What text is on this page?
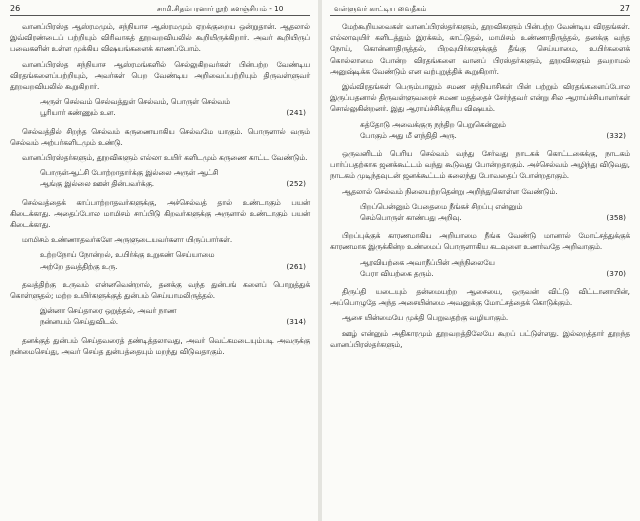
26	சாமி.சிதம்பரனார் நூற் களஞ்சியம் - 10

வானப்பிரஸ்த ஆஸ்ரமமும், சந்நியாச ஆஸ்ரமமும் ஏறக்குறைய ஒன்றுதான். ஆதலால் இவ்விரண்டைப் பற்றியும் விரிவாகத் தூறவறவியலில் கூறியிருக்கிறார். அவர் கூறியிருப் பவைகளின் உள்ள முக்கிய விஷயங்களைக் காணப்போம்.

வானப்பிரஸ்த சந்நியாச ஆஸ்ரமங்களில் செல்லுகிறவர்கள் பின்பற்ற வேண்டிய விரதங்களைப்பற்றியும், அவர்கள் பெற வேண்டிய அறிவைப்பற்றியும் திருவள்ளுவர் தூறவறவியலில் கூறுகிறார்.

அருள் செல்வம் செல்வத்துள் செல்வம், பொருள் செல்வம்
பூரியார் கண்ணும் உள.	(241)

செல்வத்தில் சிறந்த செல்வம் கருணையாகிய செல்வமே யாகும். பொருளால் வரும் செல்வம் அற்பர்களிடமும் உண்டு.

வானப்பிரஸ்தர்களும், தூறவிகளும் எல்லா உயிர் களிடமும் கருணை காட்ட வேண்டும்.

பொருள்ஆட்சி போற்றாதார்க்கு இல்லை அருள் ஆட்சி
ஆங்கு இல்லை ஊன் தின்பவர்க்கு.	(252)

செல்வத்தைக் காப்பாற்றாதவர்களுக்கு, அச்செல்வத் தால் உண்டாகும் பயன் கிடைக்காது. அதைப்போல மாமிசம் சாப்பிடு கிறவர்களுக்கு அருளால் உண்டாகும் பயன் கிடைக்காது.

மாமிசம் உண்ணாதவர்களே அருளுடையவர்களா யிருப்பார்கள்.

உற்றநோய் நோன்றல், உயிர்க்கு உறுகண் செய்யாமை
அற்றே தவத்திற்கு உரு.	(261)

தவத்திற்கு உருவம் என்னவென்றால், தனக்கு வந்த துன்பங் களைப் பொறுத்துக் கொள்ளுதல்; மற்ற உயிர்களுக்குத் துன்பம் செய்யாமலிருத்தல்.

இன்னா செய்தாரை ஒறுத்தல், அவர் நாண
நன்னயம் செய்துவிடல்.	(314)

தனக்குத் துன்பம் செய்தவரைத் தண்டித்தலாவது, அவர் வெட்கமடையும்படி அவருக்கு நன்மைசெய்து, அவர் செய்த துன்பத்தையும் மறந்து விடுவதாகும்.

வள்ளுவர் காட்டிய வைதீகம்	27

மேற்கூறியவைகள் வானப்பிரஸ்தர்களும், தூறவிகளும் பின்பற்ற வேண்டிய விரதங்கள். எல்லாவுயிர் களிடத்தும் இரக்கம், காட்டுதல், மாமிசம் உண்ணாதிருத்தல், தனக்கு வந்த நோய், கொன்னாதிருத்தல், பிறவுயிர்களுக்குத் தீங்கு செய்யாமை, உயிர்களைக் கொல்லாமை போன்ற விரதங்களை வானப் பிரஸ்தர்களும், தூறவிகளும் தவறாமல் அனுஷ்டிக்க வேண்டும் என வற்புறுத்திக் கூறுகிறார்.

இவ்விரதங்கள் பெரும்பாலும் சமண சந்நியாசிகள் பின் பற்றும் விரதங்களைப்போல இருப்பதனால் திருவள்ளுவரைச் சமண மதத்தைச் சேர்ந்தவர் என்று சில ஆராய்ச்சியாளர்கள் சொல்லுகின்றனர். இது ஆராய்ச்சிக்குரிய விஷயம்.

சுத்தோடு அவைக்குரு நந்திற பெறுகென்னும்
போகும் அது மீ ளந்திதி அரு.	(332)

ஒருவனிடம் பெரிய செல்வம் வந்து சேர்வது நாடகக் கொட்டகைக்கு, நாடகம் பார்ப்பதற்காக ஜனக்கூட்டம் வந்து கூடுவது போன்றதாகும். அச்செல்வம் அழிந்து விடுவது, நாடகம் முடிந்தவுடன் ஜனக்கூட்டம் கலைந்து போவதைப் போன்றதாகும்.

ஆதலால் செல்வம் நிலையற்றதென்று அறிந்துகொள்ள வேண்டும்.

பிறப்பென்னும் பேதைமை நீங்கச் சிறப்பு என்னும்
செம்பொருள் காண்பது அறிவு.	(358)

பிறப்புக்குக் காரணமாகிய அறியாமை நீங்க வேண்டு மானால் மோட்சத்துக்குக் காரணமாக இருக்கின்ற உண்மைப் பொருளாகிய கடவுளை உணர்வதே அறிவாகும்.

ஆரவியற்கை அவாநீப்பின் அந்நிலையே
பேரா வியற்கை தரும்.	(370)

திருப்தி யடையும் தன்மையற்ற ஆசையை, ஒருவன் விட்டு விட்டானாயின், அப்பொழுதே அந்த அசையின்மை அவனுக்கு மோட்சத்தைக் கொடுக்கும்.

ஆசை யின்மையே முக்தி பெறுவதற்கு வழியாகும்.

ஊழ் என்னும் அதிகாரமும் தூறவறத்திலேயே கூறப் பட்டுள்ளது. இல்லறத்தார் தூறந்த வானப்பிரஸ்தர்களும்,
